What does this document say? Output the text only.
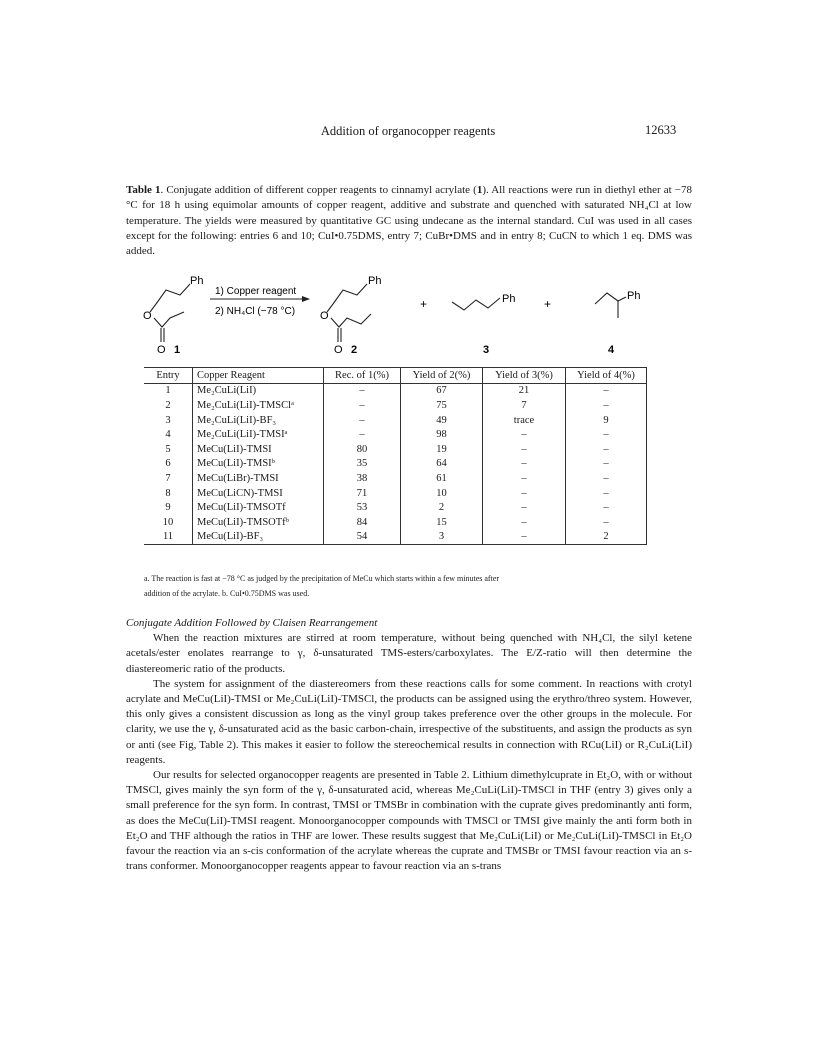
Addition of organocopper reagents	12633
Table 1. Conjugate addition of different copper reagents to cinnamyl acrylate (1). All reactions were run in diethyl ether at −78 °C for 18 h using equimolar amounts of copper reagent, additive and substrate and quenched with saturated NH₄Cl at low temperature. The yields were measured by quantitative GC using undecane as the internal standard. CuI was used in all cases except for the following: entries 6 and 10; CuI•0.75DMS, entry 7; CuBr•DMS and in entry 8; CuCN to which 1 eq. DMS was added.
Ph
O
O 1
1) Copper reagent
2) NH₄Cl (−78 °C)
Ph
O
O 2
+	Ph +
3
Ph
4
Entry	Copper Reagent	Rec. of 1(%)	Yield of 2(%)	Yield of 3(%)	Yield of 4(%)
1	Me₂CuLi(LiI)	–	67	21	–
2	Me₂CuLi(LiI)-TMSClᵃ	–	75	7	–
3	Me₂CuLi(LiI)-BF₃	–	49	trace	9
4	Me₂CuLi(LiI)-TMSIᵃ	–	98	–	–
5	MeCu(LiI)-TMSI	80	19	–	–
6	MeCu(LiI)-TMSIᵇ	35	64	–	–
7	MeCu(LiBr)-TMSI	38	61	–	–
8	MeCu(LiCN)-TMSI	71	10	–	–
9	MeCu(LiI)-TMSOTf	53	2	–	–
10	MeCu(LiI)-TMSOTfᵇ	84	15	–	–
11	MeCu(LiI)-BF₃	54	3	–	2
a. The reaction is fast at −78 °C as judged by the precipitation of MeCu which starts within a few minutes after
addition of the acrylate. b. CuI•0.75DMS was used.

Conjugate Addition Followed by Claisen Rearrangement

When the reaction mixtures are stirred at room temperature, without being quenched with NH₄Cl, the silyl ketene acetals/ester enolates rearrange to γ, δ-unsaturated TMS-esters/carboxylates. The E/Z-ratio will then determine the diastereomeric ratio of the products.

The system for assignment of the diastereomers from these reactions calls for some comment. In reactions with crotyl acrylate and MeCu(LiI)-TMSI or Me₂CuLi(LiI)-TMSCl, the products can be assigned using the erythro/threo system. However, this only gives a consistent discussion as long as the vinyl group takes preference over the other groups in the molecule. For clarity, we use the γ, δ-unsaturated acid as the basic carbon-chain, irrespective of the substituents, and assign the products as syn or anti (see Fig, Table 2). This makes it easier to follow the stereochemical results in connection with RCu(LiI) or R₂CuLi(LiI) reagents.

Our results for selected organocopper reagents are presented in Table 2. Lithium dimethylcuprate in Et₂O, with or without TMSCl, gives mainly the syn form of the γ, δ-unsaturated acid, whereas Me₂CuLi(LiI)-TMSCl in THF (entry 3) gives only a small preference for the syn form. In contrast, TMSI or TMSBr in combination with the cuprate gives predominantly anti form, as does the MeCu(LiI)-TMSI reagent. Monoorganocopper compounds with TMSCl or TMSI give mainly the anti form both in Et₂O and THF although the ratios in THF are lower. These results suggest that Me₂CuLi(LiI) or Me₂CuLi(LiI)-TMSCl in Et₂O favour the reaction via an s-cis conformation of the acrylate whereas the cuprate and TMSBr or TMSI favour reaction via an s-trans conformer. Monoorganocopper reagents appear to favour reaction via an s-trans
